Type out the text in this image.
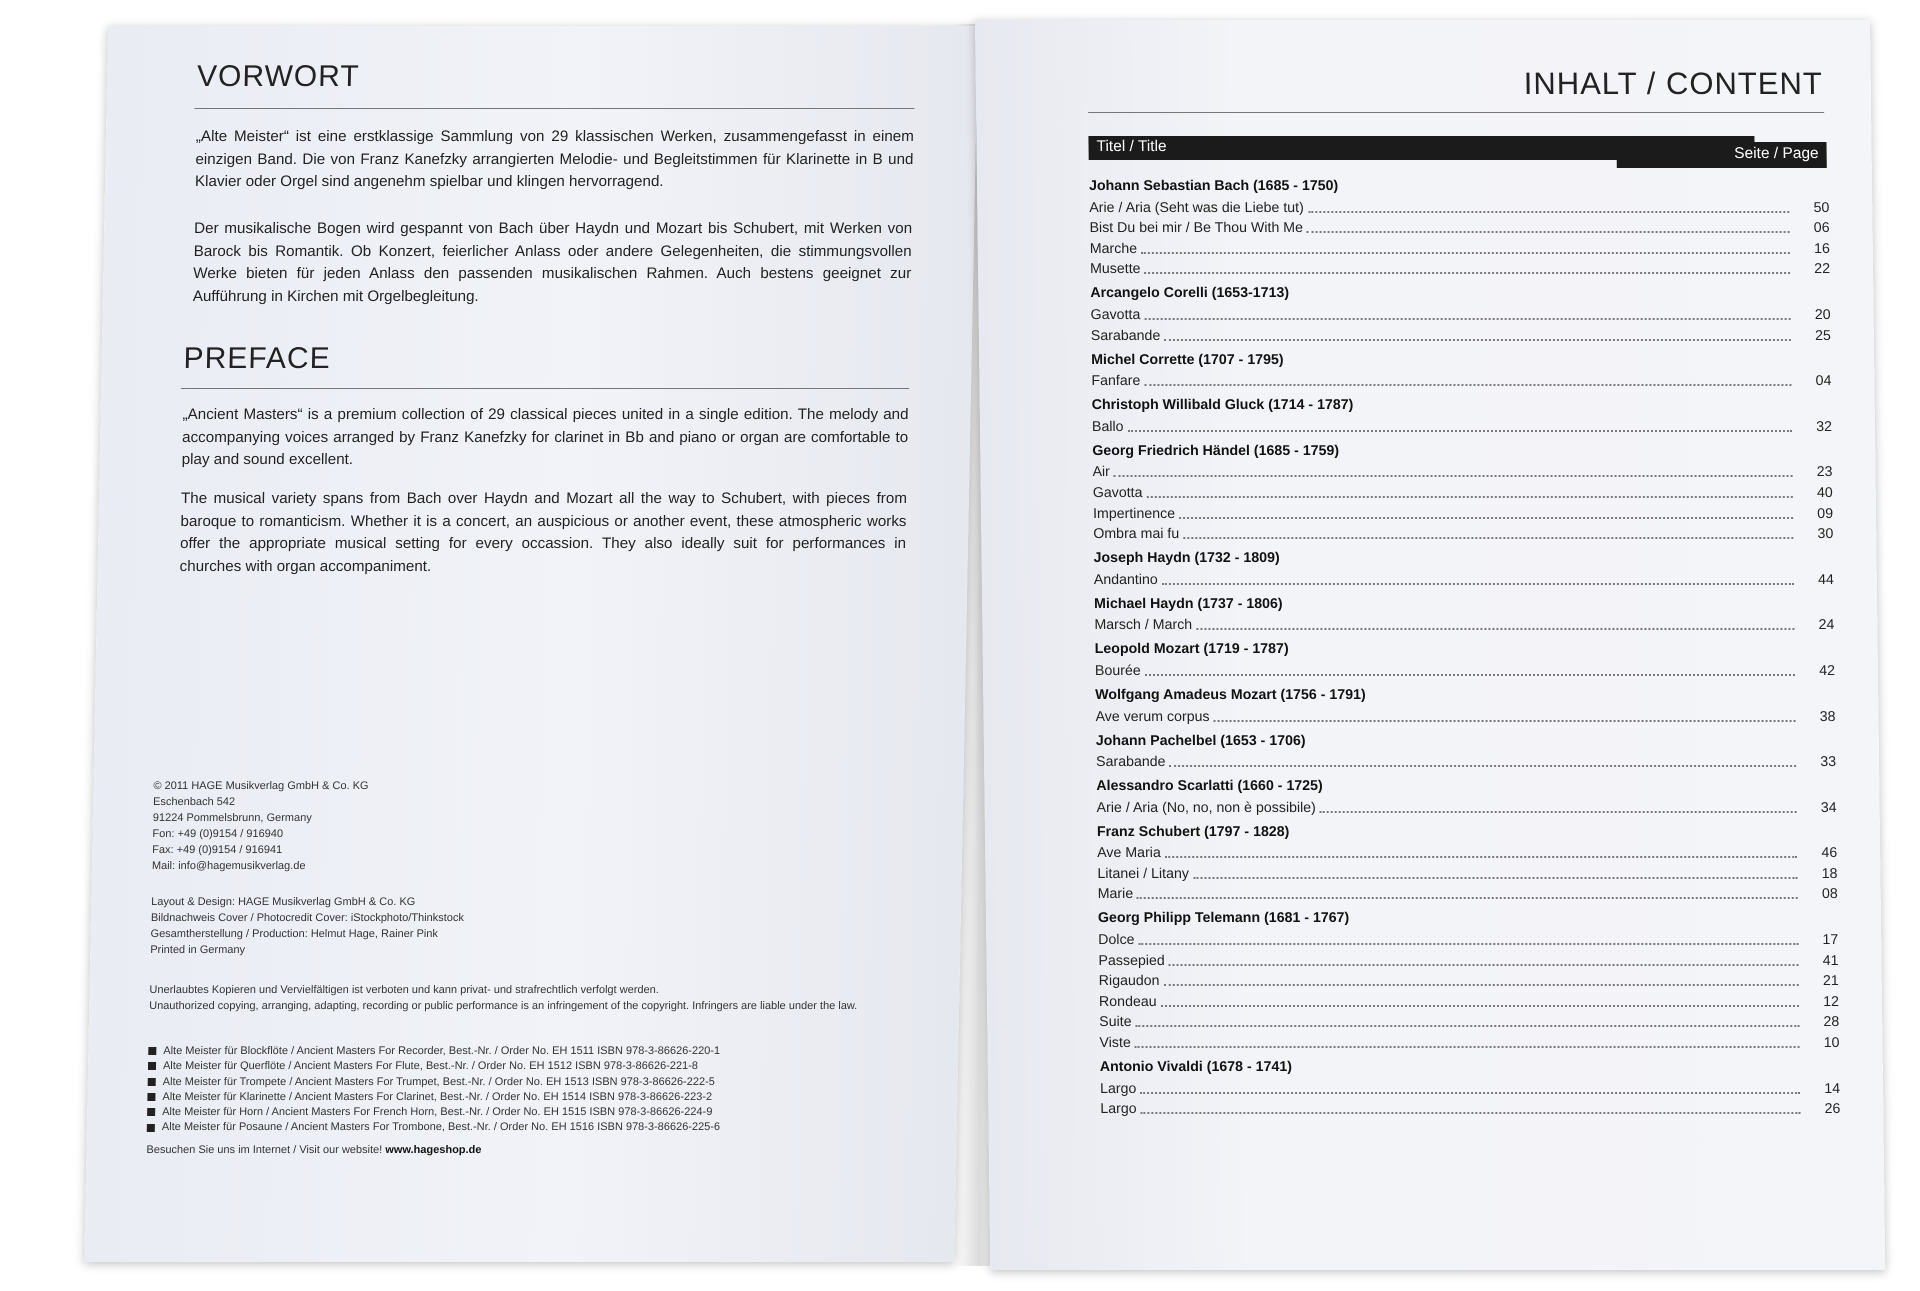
VORWORT
„Alte Meister“ ist eine erstklassige Sammlung von 29 klassischen Werken, zusammengefasst in einem einzigen Band. Die von Franz Kanefzky arrangierten Melodie- und Begleitstimmen für Klarinette in B und Klavier oder Orgel sind angenehm spielbar und klingen hervorragend.
Der musikalische Bogen wird gespannt von Bach über Haydn und Mozart bis Schubert, mit Werken von Barock bis Romantik. Ob Konzert, feierlicher Anlass oder andere Gelegenheiten, die stimmungsvollen Werke bieten für jeden Anlass den passenden musikalischen Rahmen. Auch bestens geeignet zur Aufführung in Kirchen mit Orgelbegleitung.
PREFACE
„Ancient Masters“ is a premium collection of 29 classical pieces united in a single edition. The melody and accompanying voices arranged by Franz Kanefzky for clarinet in Bb and piano or organ are comfortable to play and sound excellent.
The musical variety spans from Bach over Haydn and Mozart all the way to Schubert, with pieces from baroque to romanticism. Whether it is a concert, an auspicious or another event, these atmospheric works offer the appropriate musical setting for every occassion. They also ideally suit for performances in churches with organ accompaniment.
© 2011 HAGE Musikverlag GmbH & Co. KG
Eschenbach 542
91224 Pommelsbrunn, Germany
Fon: +49 (0)9154 / 916940
Fax: +49 (0)9154 / 916941
Mail: info@hagemusikverlag.de
Layout & Design: HAGE Musikverlag GmbH & Co. KG
Bildnachweis Cover / Photocredit Cover: iStockphoto/Thinkstock
Gesamtherstellung / Production: Helmut Hage, Rainer Pink
Printed in Germany
Unerlaubtes Kopieren und Vervielfältigen ist verboten und kann privat- und strafrechtlich verfolgt werden.
Unauthorized copying, arranging, adapting, recording or public performance is an infringement of the copyright. Infringers are liable under the law.
Alte Meister für Blockflöte / Ancient Masters For Recorder, Best.-Nr. / Order No. EH 1511 ISBN 978-3-86626-220-1
Alte Meister für Querflöte / Ancient Masters For Flute, Best.-Nr. / Order No. EH 1512 ISBN 978-3-86626-221-8
Alte Meister für Trompete / Ancient Masters For Trumpet, Best.-Nr. / Order No. EH 1513 ISBN 978-3-86626-222-5
Alte Meister für Klarinette / Ancient Masters For Clarinet, Best.-Nr. / Order No. EH 1514 ISBN 978-3-86626-223-2
Alte Meister für Horn / Ancient Masters For French Horn, Best.-Nr. / Order No. EH 1515 ISBN 978-3-86626-224-9
Alte Meister für Posaune / Ancient Masters For Trombone, Best.-Nr. / Order No. EH 1516 ISBN 978-3-86626-225-6
Besuchen Sie uns im Internet / Visit our website! www.hageshop.de
INHALT / CONTENT
Titel / Title	Seite / Page
Johann Sebastian Bach (1685 - 1750)
Arie / Aria (Seht was die Liebe tut)	50
Bist Du bei mir / Be Thou With Me	06
Marche	16
Musette	22
Arcangelo Corelli (1653-1713)
Gavotta	20
Sarabande	25
Michel Corrette (1707 - 1795)
Fanfare	04
Christoph Willibald Gluck (1714 - 1787)
Ballo	32
Georg Friedrich Händel (1685 - 1759)
Air	23
Gavotta	40
Impertinence	09
Ombra mai fu	30
Joseph Haydn (1732 - 1809)
Andantino	44
Michael Haydn (1737 - 1806)
Marsch / March	24
Leopold Mozart (1719 - 1787)
Bourée	42
Wolfgang Amadeus Mozart (1756 - 1791)
Ave verum corpus	38
Johann Pachelbel (1653 - 1706)
Sarabande	33
Alessandro Scarlatti (1660 - 1725)
Arie / Aria (No, no, non è possibile)	34
Franz Schubert (1797 - 1828)
Ave Maria	46
Litanei / Litany	18
Marie	08
Georg Philipp Telemann (1681 - 1767)
Dolce	17
Passepied	41
Rigaudon	21
Rondeau	12
Suite	28
Viste	10
Antonio Vivaldi (1678 - 1741)
Largo	14
Largo	26
